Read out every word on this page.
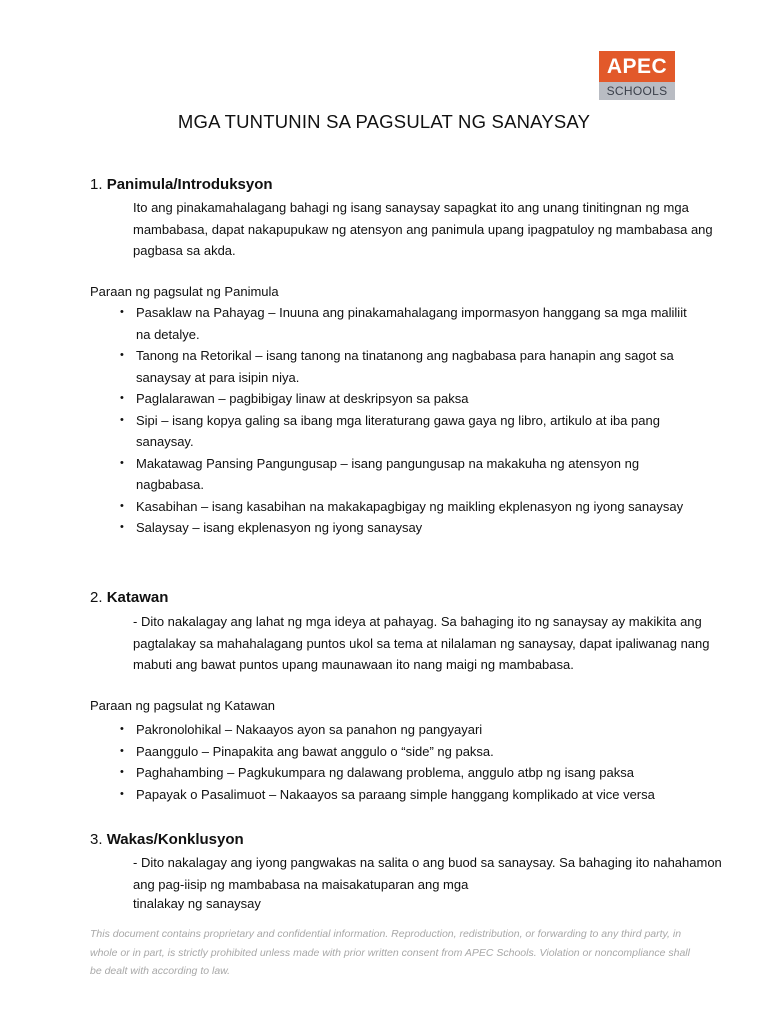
APEC
SCHOOLS
MGA TUNTUNIN SA PAGSULAT NG SANAYSAY
1. Panimula/Introduksyon
Ito ang pinakamahalagang bahagi ng isang sanaysay sapagkat ito ang unang tinitingnan ng mga mambabasa, dapat nakapupukaw ng atensyon ang panimula upang ipagpatuloy ng mambabasa ang pagbasa sa akda.
Paraan ng pagsulat ng Panimula
• Pasaklaw na Pahayag – Inuuna ang pinakamahalagang impormasyon hanggang sa mga maliliit na detalye.
• Tanong na Retorikal – isang tanong na tinatanong ang nagbabasa para hanapin ang sagot sa sanaysay at para isipin niya.
• Paglalarawan – pagbibigay linaw at deskripsyon sa paksa
• Sipi – isang kopya galing sa ibang mga literaturang gawa gaya ng libro, artikulo at iba pang sanaysay.
• Makatawag Pansing Pangungusap – isang pangungusap na makakuha ng atensyon ng nagbabasa.
• Kasabihan – isang kasabihan na makakapagbigay ng maikling ekplenasyon ng iyong sanaysay
• Salaysay – isang ekplenasyon ng iyong sanaysay
2. Katawan
- Dito nakalagay ang lahat ng mga ideya at pahayag. Sa bahaging ito ng sanaysay ay makikita ang pagtalakay sa mahahalagang puntos ukol sa tema at nilalaman ng sanaysay, dapat ipaliwanag nang mabuti ang bawat puntos upang maunawaan ito nang maigi ng mambabasa.
Paraan ng pagsulat ng Katawan
• Pakronolohikal – Nakaayos ayon sa panahon ng pangyayari
• Paanggulo – Pinapakita ang bawat anggulo o “side” ng paksa.
• Paghahambing – Pagkukumpara ng dalawang problema, anggulo atbp ng isang paksa
• Papayak o Pasalimuot – Nakaayos sa paraang simple hanggang komplikado at vice versa
3. Wakas/Konklusyon
- Dito nakalagay ang iyong pangwakas na salita o ang buod sa sanaysay. Sa bahaging ito nahahamon ang pag-iisip ng mambabasa na maisakatuparan ang mga
tinalakay ng sanaysay
This document contains proprietary and confidential information. Reproduction, redistribution, or forwarding to any third party, in whole or in part, is strictly prohibited unless made with prior written consent from APEC Schools. Violation or noncompliance shall be dealt with according to law.
